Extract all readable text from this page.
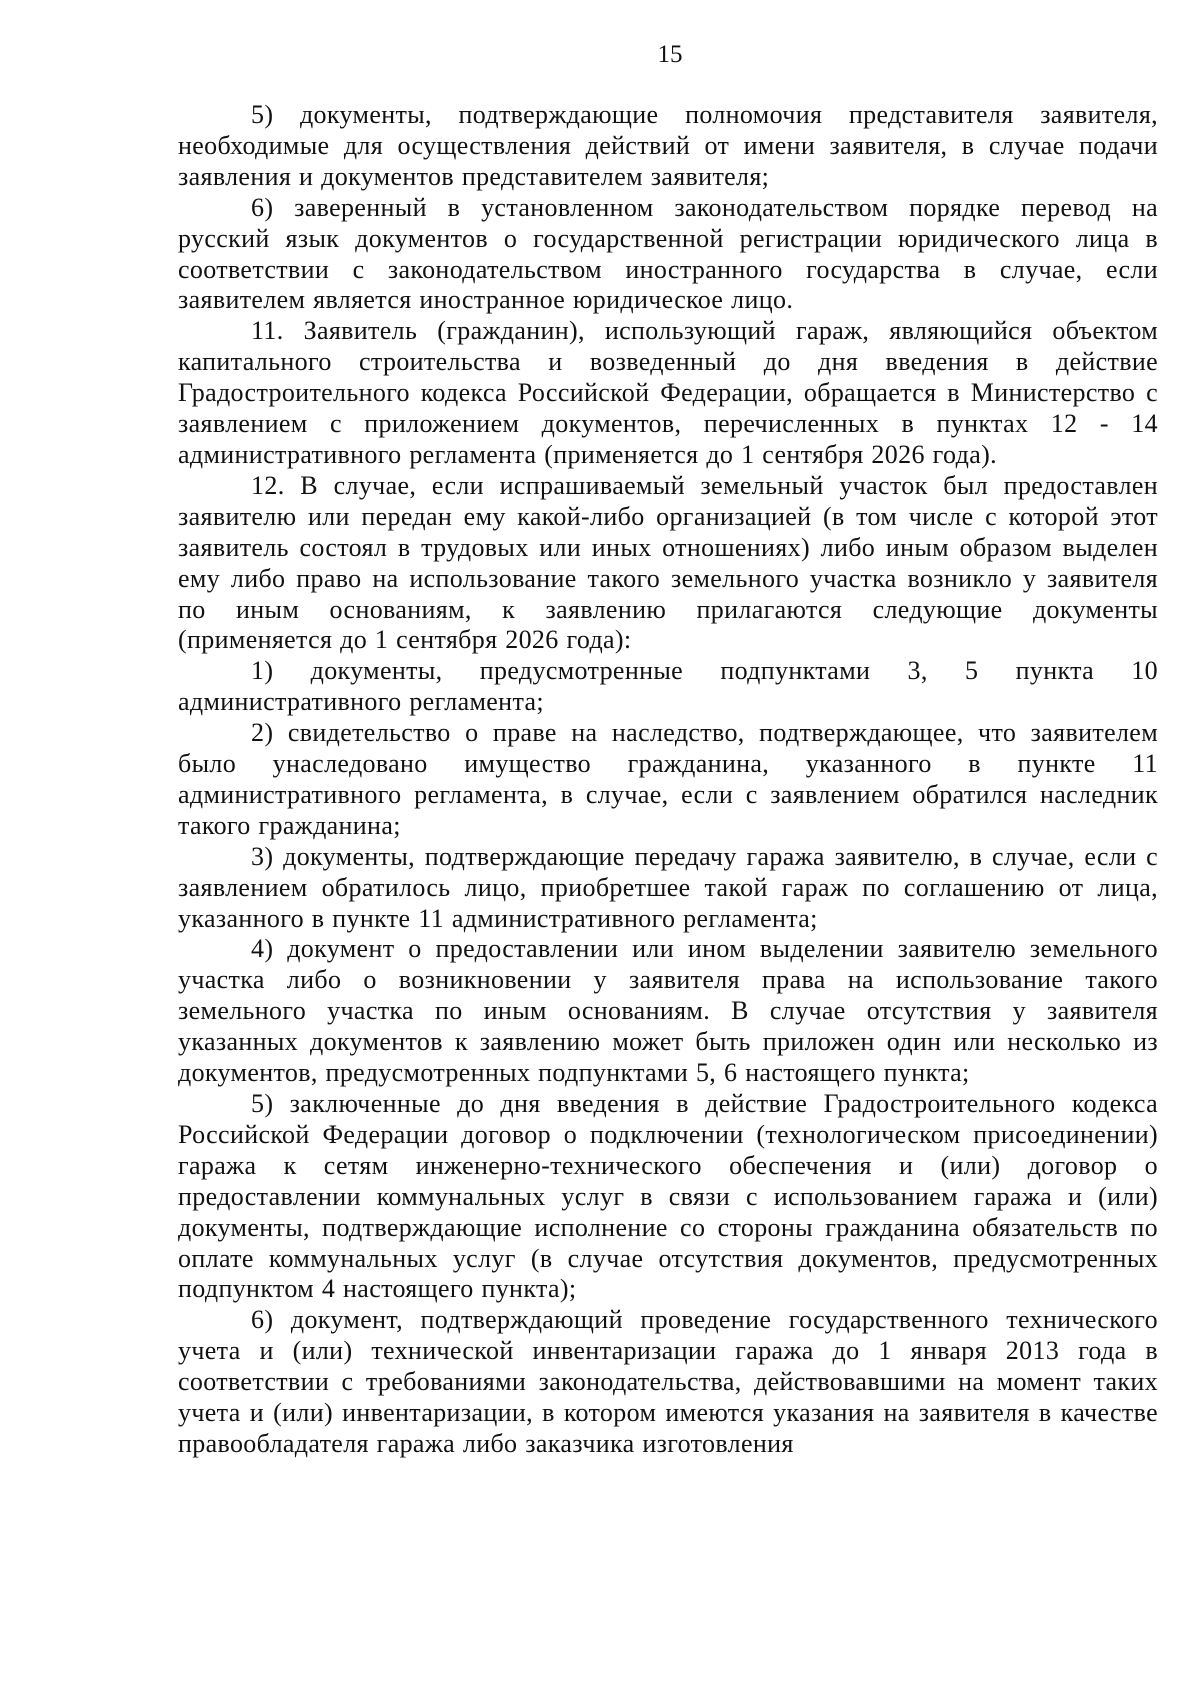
15

5) документы, подтверждающие полномочия представителя заявителя, необходимые для осуществления действий от имени заявителя, в случае подачи заявления и документов представителем заявителя;

6) заверенный в установленном законодательством порядке перевод на русский язык документов о государственной регистрации юридического лица в соответствии с законодательством иностранного государства в случае, если заявителем является иностранное юридическое лицо.

11. Заявитель (гражданин), использующий гараж, являющийся объектом капитального строительства и возведенный до дня введения в действие Градостроительного кодекса Российской Федерации, обращается в Министерство с заявлением с приложением документов, перечисленных в пунктах 12 - 14 административного регламента (применяется до 1 сентября 2026 года).

12. В случае, если испрашиваемый земельный участок был предоставлен заявителю или передан ему какой-либо организацией (в том числе с которой этот заявитель состоял в трудовых или иных отношениях) либо иным образом выделен ему либо право на использование такого земельного участка возникло у заявителя по иным основаниям, к заявлению прилагаются следующие документы (применяется до 1 сентября 2026 года):

1) документы, предусмотренные подпунктами 3, 5 пункта 10 административного регламента;

2) свидетельство о праве на наследство, подтверждающее, что заявителем было унаследовано имущество гражданина, указанного в пункте 11 административного регламента, в случае, если с заявлением обратился наследник такого гражданина;

3) документы, подтверждающие передачу гаража заявителю, в случае, если с заявлением обратилось лицо, приобретшее такой гараж по соглашению от лица, указанного в пункте 11 административного регламента;

4) документ о предоставлении или ином выделении заявителю земельного участка либо о возникновении у заявителя права на использование такого земельного участка по иным основаниям. В случае отсутствия у заявителя указанных документов к заявлению может быть приложен один или несколько из документов, предусмотренных подпунктами 5, 6 настоящего пункта;

5) заключенные до дня введения в действие Градостроительного кодекса Российской Федерации договор о подключении (технологическом присоединении) гаража к сетям инженерно-технического обеспечения и (или) договор о предоставлении коммунальных услуг в связи с использованием гаража и (или) документы, подтверждающие исполнение со стороны гражданина обязательств по оплате коммунальных услуг (в случае отсутствия документов, предусмотренных подпунктом 4 настоящего пункта);

6) документ, подтверждающий проведение государственного технического учета и (или) технической инвентаризации гаража до 1 января 2013 года в соответствии с требованиями законодательства, действовавшими на момент таких учета и (или) инвентаризации, в котором имеются указания на заявителя в качестве правообладателя гаража либо заказчика изготовления
